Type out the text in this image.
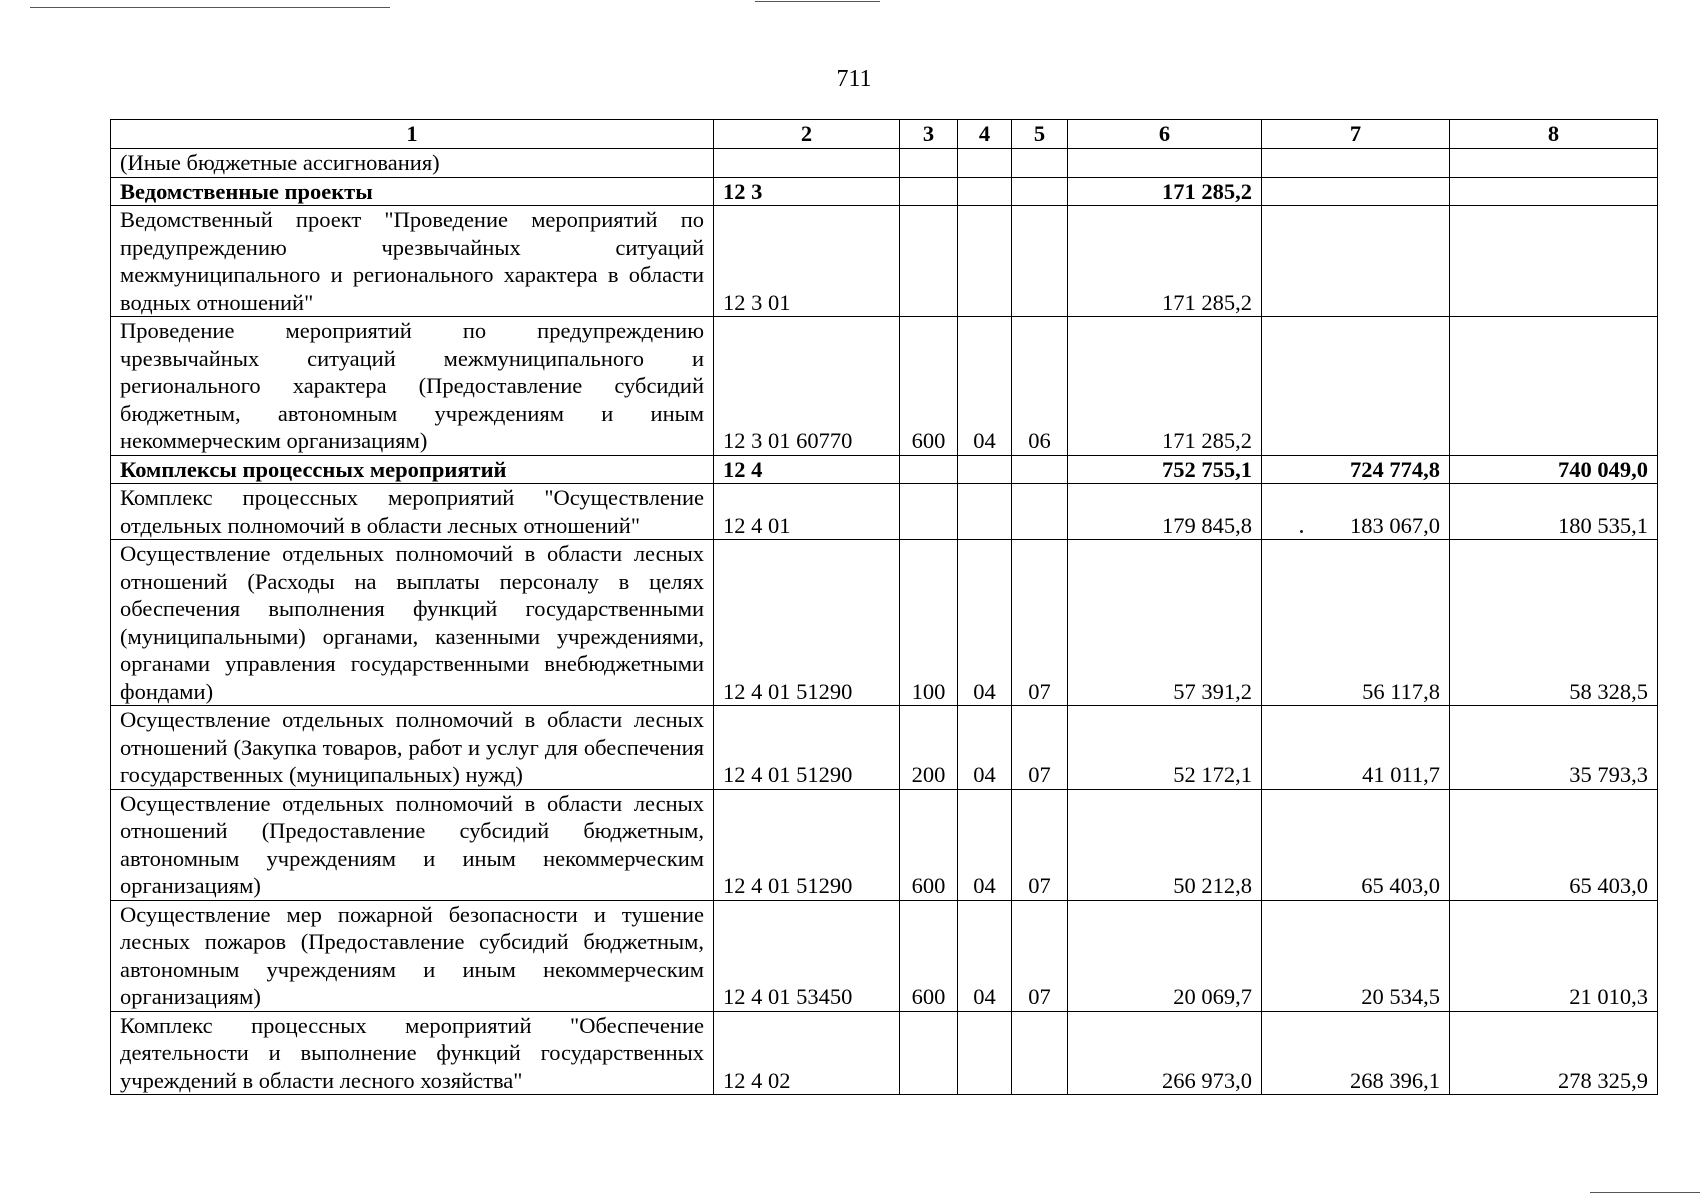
711
1	2	3	4	5	6	7	8
(Иные бюджетные ассигнования)							
Ведомственные проекты	12 3				171 285,2		
Ведомственный проект "Проведение мероприятий по предупреждению чрезвычайных ситуаций межмуниципального и регионального характера в области водных отношений"	12 3 01				171 285,2		
Проведение мероприятий по предупреждению чрезвычайных ситуаций межмуниципального и регионального характера (Предоставление субсидий бюджетным, автономным учреждениям и иным некоммерческим организациям)	12 3 01 60770	600	04	06	171 285,2		
Комплексы процессных мероприятий	12 4				752 755,1	724 774,8	740 049,0
Комплекс процессных мероприятий "Осуществление отдельных полномочий в области лесных отношений"	12 4 01				179 845,8	183 067,0	180 535,1
Осуществление отдельных полномочий в области лесных отношений (Расходы на выплаты персоналу в целях обеспечения выполнения функций государственными (муниципальными) органами, казенными учреждениями, органами управления государственными внебюджетными фондами)	12 4 01 51290	100	04	07	57 391,2	56 117,8	58 328,5
Осуществление отдельных полномочий в области лесных отношений (Закупка товаров, работ и услуг для обеспечения государственных (муниципальных) нужд)	12 4 01 51290	200	04	07	52 172,1	41 011,7	35 793,3
Осуществление отдельных полномочий в области лесных отношений (Предоставление субсидий бюджетным, автономным учреждениям и иным некоммерческим организациям)	12 4 01 51290	600	04	07	50 212,8	65 403,0	65 403,0
Осуществление мер пожарной безопасности и тушение лесных пожаров (Предоставление субсидий бюджетным, автономным учреждениям и иным некоммерческим организациям)	12 4 01 53450	600	04	07	20 069,7	20 534,5	21 010,3
Комплекс процессных мероприятий "Обеспечение деятельности и выполнение функций государственных учреждений в области лесного хозяйства"	12 4 02				266 973,0	268 396,1	278 325,9
